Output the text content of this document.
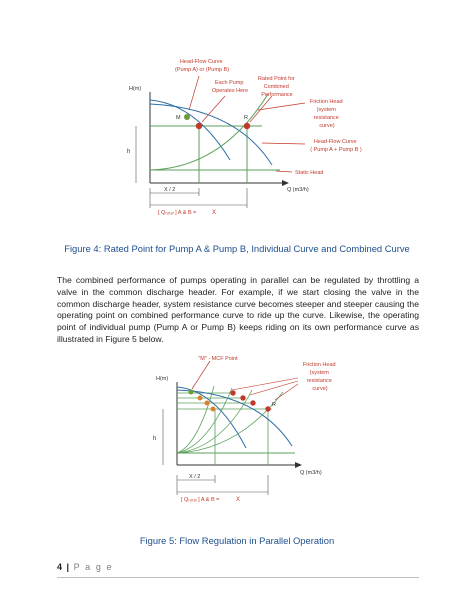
H(m)
Q (m3/h)
h
M	R
X / 2
[ Qₜₒₜₐₗ ] A & B =	X
Head-Flow Curve (Pump A) or (Pump B)
Each Pump Operates Here
Rated Point for Combined Performance
Friction Head (system resistance curve)
Head-Flow Curve ( Pump A + Pump B )
Static Head
Figure 4: Rated Point for Pump A & Pump B, Individual Curve and Combined Curve
The combined performance of pumps operating in parallel can be regulated by throttling a valve in the common discharge header. For example, if we start closing the valve in the common discharge header, system resistance curve becomes steeper and steeper causing the operating point on combined performance curve to ride up the curve. Likewise, the operating point of individual pump (Pump A or Pump B) keeps riding on its own performance curve as illustrated in Figure 5 below.
H(m)
Q (m3/h)
h
R
"M" - MCF Point
X / 2
[ Qₜₒₜₐₗ ] A & B =	X
Friction Head (system resistance curve)
Figure 5: Flow Regulation in Parallel Operation
4 | P a g e
